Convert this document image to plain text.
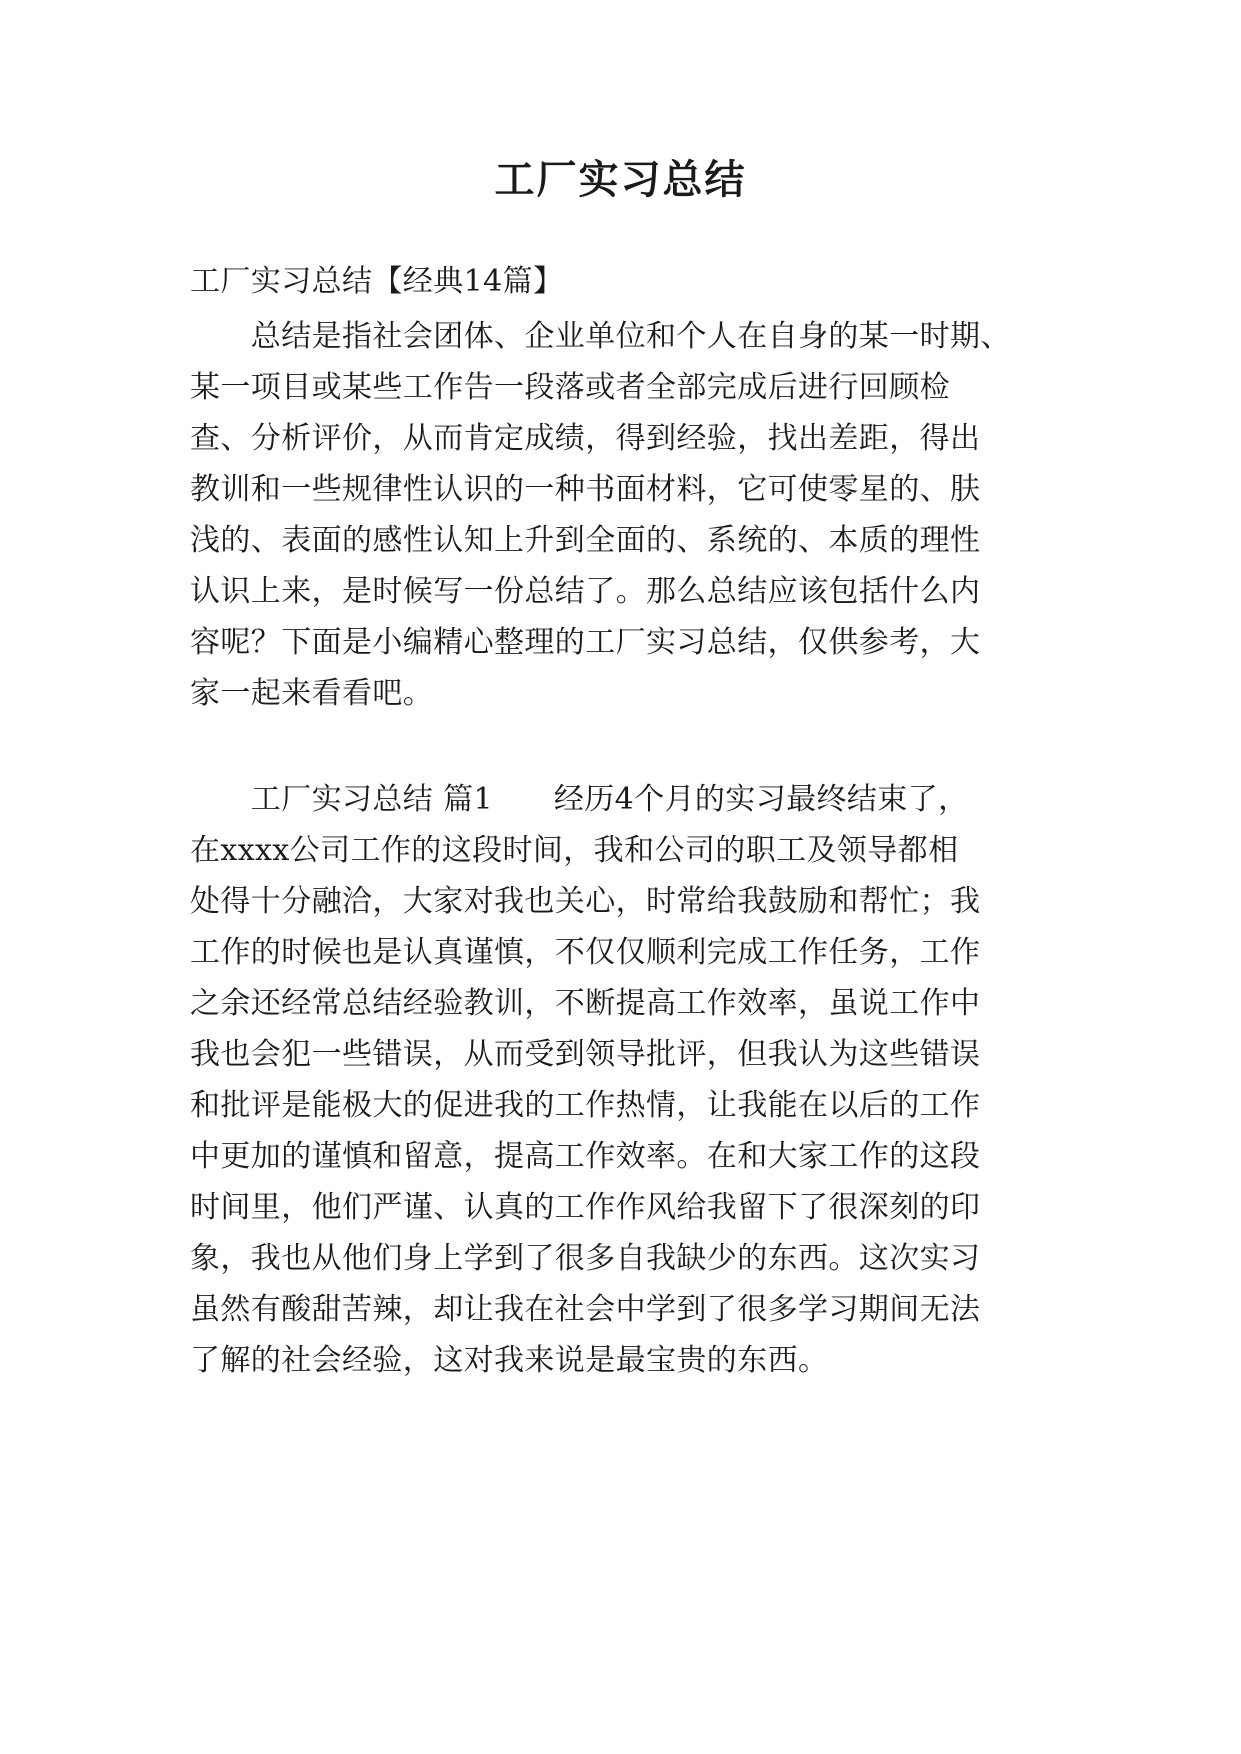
工厂实习总结
工厂实习总结【经典14篇】
　　总结是指社会团体、企业单位和个人在自身的某一时期、
某一项目或某些工作告一段落或者全部完成后进行回顾检
查、分析评价，从而肯定成绩，得到经验，找出差距，得出
教训和一些规律性认识的一种书面材料，它可使零星的、肤
浅的、表面的感性认知上升到全面的、系统的、本质的理性
认识上来，是时候写一份总结了。那么总结应该包括什么内
容呢？下面是小编精心整理的工厂实习总结，仅供参考，大
家一起来看看吧。
　　工厂实习总结 篇1　　经历4个月的实习最终结束了，
在xxxx公司工作的这段时间，我和公司的职工及领导都相
处得十分融洽，大家对我也关心，时常给我鼓励和帮忙；我
工作的时候也是认真谨慎，不仅仅顺利完成工作任务，工作
之余还经常总结经验教训，不断提高工作效率，虽说工作中
我也会犯一些错误，从而受到领导批评，但我认为这些错误
和批评是能极大的促进我的工作热情，让我能在以后的工作
中更加的谨慎和留意，提高工作效率。在和大家工作的这段
时间里，他们严谨、认真的工作作风给我留下了很深刻的印
象，我也从他们身上学到了很多自我缺少的东西。这次实习
虽然有酸甜苦辣，却让我在社会中学到了很多学习期间无法
了解的社会经验，这对我来说是最宝贵的东西。
